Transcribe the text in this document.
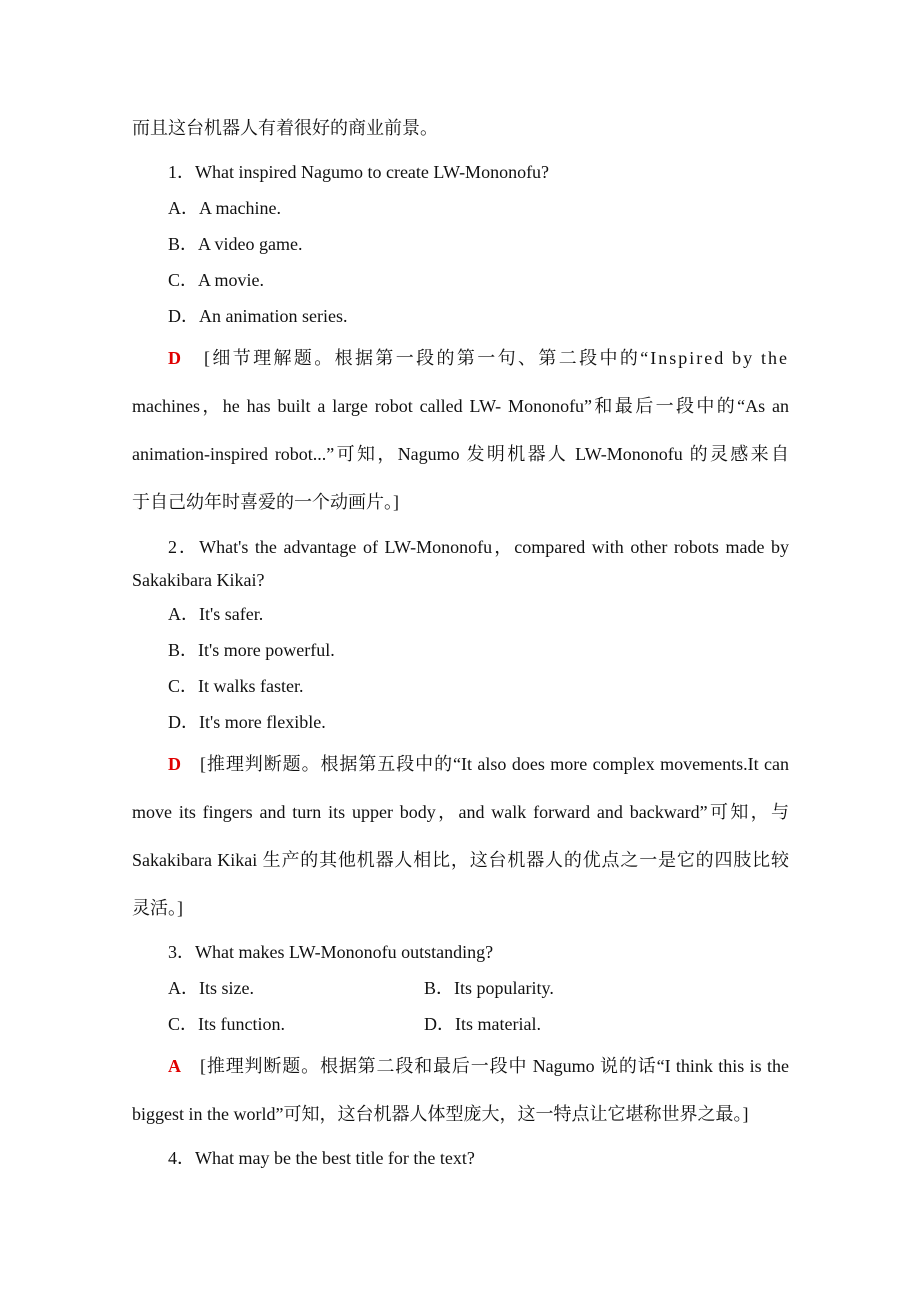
而且这台机器人有着很好的商业前景。
1．What inspired Nagumo to create LW-Mononofu?
A．A machine.
B．A video game.
C．A movie.
D．An animation series.
D	[细节理解题。根据第一段的第一句、第二段中的“Inspired by the
machines，he has built a large robot called LW- Mononofu”和最后一段中的“As an
animation-inspired robot...”可知，Nagumo 发明机器人 LW-Mononofu 的灵感来自
于自己幼年时喜爱的一个动画片。]
2．What's the advantage of LW-Mononofu，compared with other robots made by
Sakakibara Kikai?
A．It's safer.
B．It's more powerful.
C．It walks faster.
D．It's more flexible.
D	[推理判断题。根据第五段中的“It also does more complex movements.It can
move its fingers and turn its upper body，and walk forward and backward”可知，与
Sakakibara Kikai 生产的其他机器人相比，这台机器人的优点之一是它的四肢比较
灵活。]
3．What makes LW-Mononofu outstanding?
A．Its size.	B．Its popularity.
C．Its function.	D．Its material.
A	[推理判断题。根据第二段和最后一段中 Nagumo 说的话“I think this is the
biggest in the world”可知，这台机器人体型庞大，这一特点让它堪称世界之最。]
4．What may be the best title for the text?
